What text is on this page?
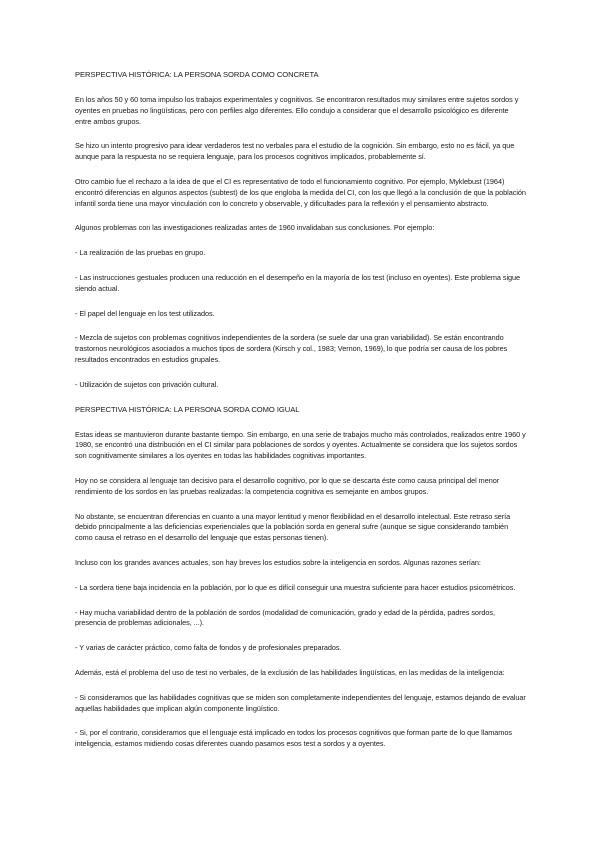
PERSPECTIVA HISTÓRICA: LA PERSONA SORDA COMO CONCRETA

En los años 50 y 60 toma impulso los trabajos experimentales y cognitivos. Se encontraron resultados muy similares entre sujetos sordos y oyentes en pruebas no lingüísticas, pero con perfiles algo diferentes. Ello condujo a considerar que el desarrollo psicológico es diferente entre ambos grupos.

Se hizo un intento progresivo para idear verdaderos test no verbales para el estudio de la cognición. Sin embargo, esto no es fácil, ya que aunque para la respuesta no se requiera lenguaje, para los procesos cognitivos implicados, probablemente sí.

Otro cambio fue el rechazo a la idea de que el CI es representativo de todo el funcionamiento cognitivo. Por ejemplo, Myklebust (1964) encontró diferencias en algunos aspectos (subtest) de los que engloba la medida del CI, con los que llegó a la conclusión de que la población infantil sorda tiene una mayor vinculación con lo concreto y observable, y dificultades para la reflexión y el pensamiento abstracto.

Algunos problemas con las investigaciones realizadas antes de 1960 invalidaban sus conclusiones. Por ejemplo:

- La realización de las pruebas en grupo.

- Las instrucciones gestuales producen una reducción en el desempeño en la mayoría de los test (incluso en oyentes). Este problema sigue siendo actual.

- El papel del lenguaje en los test utilizados.

- Mezcla de sujetos con problemas cognitivos independientes de la sordera (se suele dar una gran variabilidad). Se están encontrando trastornos neurológicos asociados a muchos tipos de sordera (Kirsch y col., 1983; Vernon, 1969), lo que podría ser causa de los pobres resultados encontrados en estudios grupales.

- Utilización de sujetos con privación cultural.

PERSPECTIVA HISTÓRICA: LA PERSONA SORDA COMO IGUAL

Estas ideas se mantuvieron durante bastante tiempo. Sin embargo, en una serie de trabajos mucho más controlados, realizados entre 1960 y 1980, se encontró una distribución en el CI similar para poblaciones de sordos y oyentes. Actualmente se considera que los sujetos sordos son cognitivamente similares a los oyentes en todas las habilidades cognitivas importantes.

Hoy no se considera al lenguaje tan decisivo para el desarrollo cognitivo, por lo que se descarta éste como causa principal del menor rendimiento de los sordos en las pruebas realizadas: la competencia cognitiva es semejante en ambos grupos.

No obstante, se encuentran diferencias en cuanto a una mayor lentitud y menor flexibilidad en el desarrollo intelectual. Este retraso sería debido principalmente a las deficiencias experienciales que la población sorda en general sufre (aunque se sigue considerando también como causa el retraso en el desarrollo del lenguaje que estas personas tienen).

Incluso con los grandes avances actuales, son hay breves los estudios sobre la inteligencia en sordos. Algunas razones serían:

- La sordera tiene baja incidencia en la población, por lo que es difícil conseguir una muestra suficiente para hacer estudios psicométricos.

- Hay mucha variabilidad dentro de la población de sordos (modalidad de comunicación, grado y edad de la pérdida, padres sordos, presencia de problemas adicionales, ...).

- Y varias de carácter práctico, como falta de fondos y de profesionales preparados.

Además, está el problema del uso de test no verbales, de la exclusión de las habilidades lingüísticas, en las medidas de la inteligencia:

- Si consideramos que las habilidades cognitivas que se miden son completamente independientes del lenguaje, estamos dejando de evaluar aquellas habilidades que implican algún componente lingüístico.

- Si, por el contrario, consideramos que el lenguaje está implicado en todos los procesos cognitivos que forman parte de lo que llamamos inteligencia, estamos midiendo cosas diferentes cuando pasamos esos test a sordos y a oyentes.
